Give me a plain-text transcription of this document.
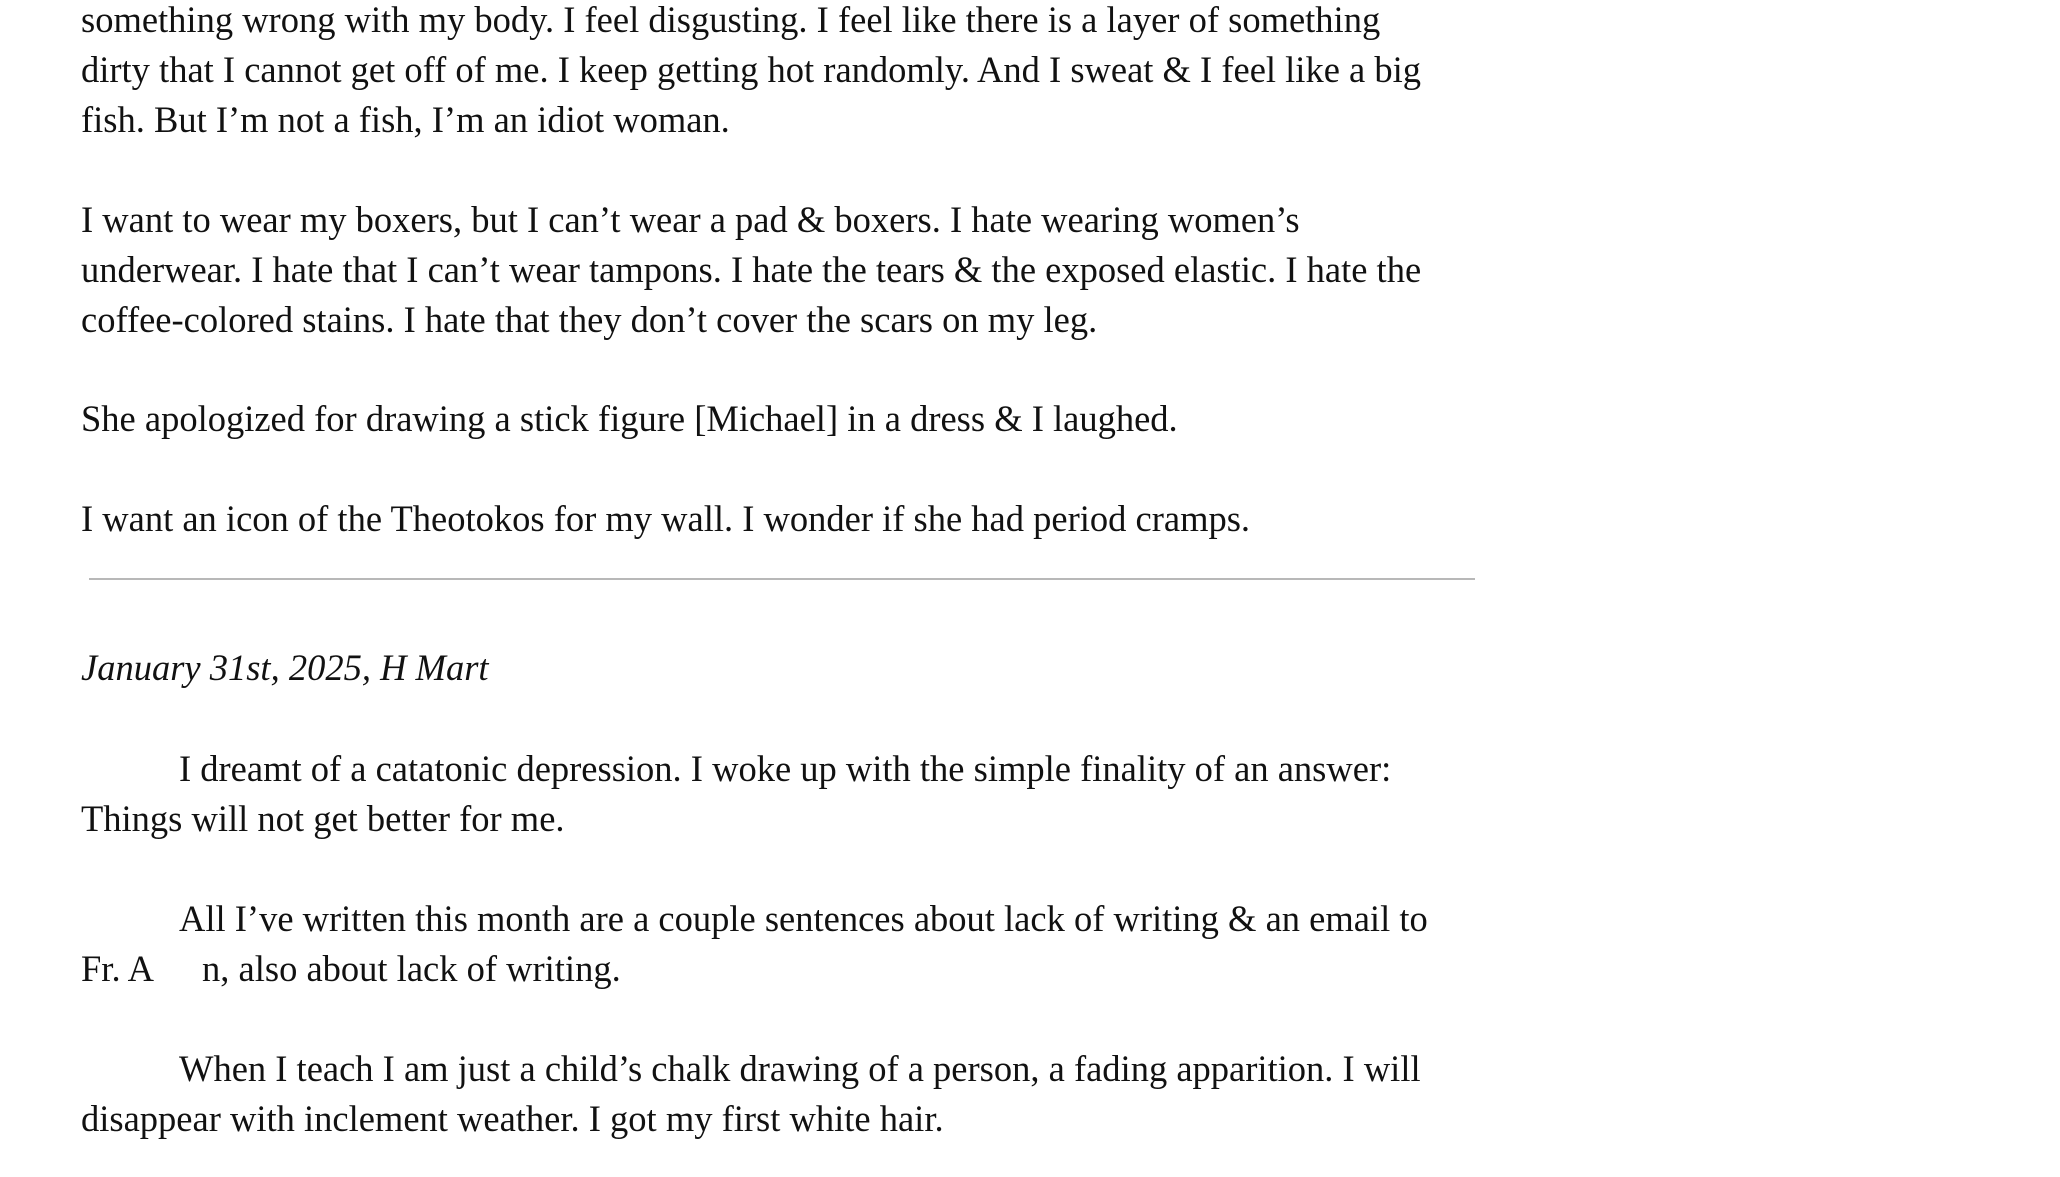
something wrong with my body. I feel disgusting. I feel like there is a layer of something
dirty that I cannot get off of me. I keep getting hot randomly. And I sweat & I feel like a big
fish. But I’m not a fish, I’m an idiot woman.
I want to wear my boxers, but I can’t wear a pad & boxers. I hate wearing women’s
underwear. I hate that I can’t wear tampons. I hate the tears & the exposed elastic. I hate the
coffee-colored stains. I hate that they don’t cover the scars on my leg.
She apologized for drawing a stick figure [Michael] in a dress & I laughed.
I want an icon of the Theotokos for my wall. I wonder if she had period cramps.
January 31st, 2025, H Mart
I dreamt of a catatonic depression. I woke up with the simple finality of an answer:
Things will not get better for me.
All I’ve written this month are a couple sentences about lack of writing & an email to
Fr. A n, also about lack of writing.
When I teach I am just a child’s chalk drawing of a person, a fading apparition. I will
disappear with inclement weather. I got my first white hair.
